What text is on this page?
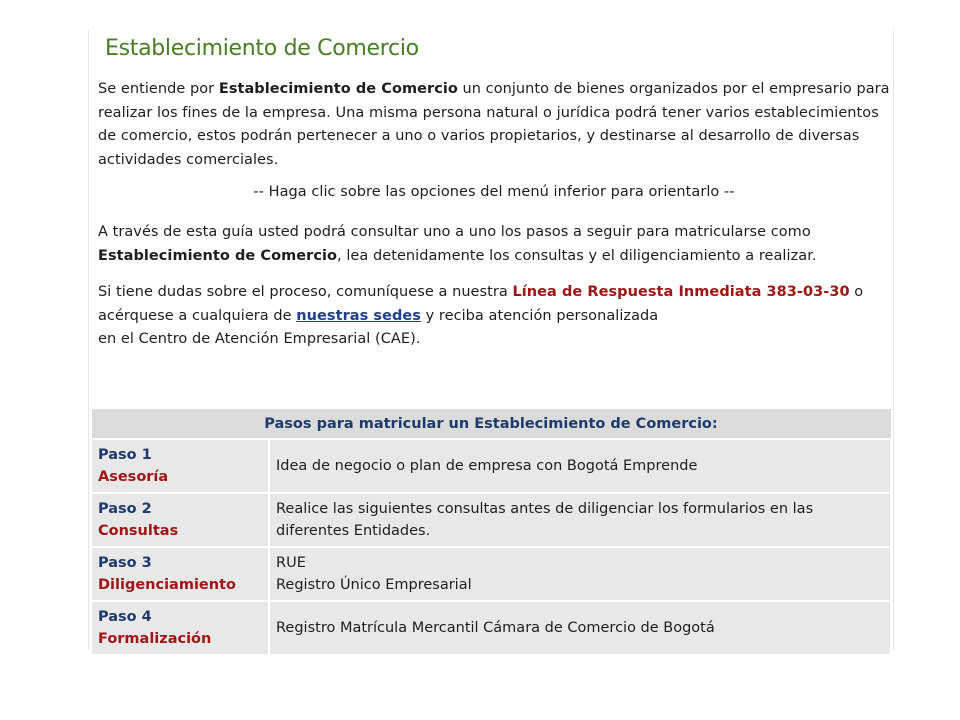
Establecimiento de Comercio

Se entiende por Establecimiento de Comercio un conjunto de bienes organizados por el empresario para realizar los fines de la empresa. Una misma persona natural o jurídica podrá tener varios establecimientos de comercio, estos podrán pertenecer a uno o varios propietarios, y destinarse al desarrollo de diversas actividades comerciales.

-- Haga clic sobre las opciones del menú inferior para orientarlo --

A través de esta guía usted podrá consultar uno a uno los pasos a seguir para matricularse como Establecimiento de Comercio, lea detenidamente los consultas y el diligenciamiento a realizar.

Si tiene dudas sobre el proceso, comuníquese a nuestra Línea de Respuesta Inmediata 383-03-30 o acérquese a cualquiera de nuestras sedes y reciba atención personalizada
en el Centro de Atención Empresarial (CAE).

Pasos para matricular un Establecimiento de Comercio:	

Paso 1
Asesoría	Idea de negocio o plan de empresa con Bogotá Emprende

Paso 2
Consultas	Realice las siguientes consultas antes de diligenciar los formularios en las diferentes Entidades.

Paso 3
Diligenciamiento	RUE
Registro Único Empresarial

Paso 4
Formalización	Registro Matrícula Mercantil Cámara de Comercio de Bogotá
